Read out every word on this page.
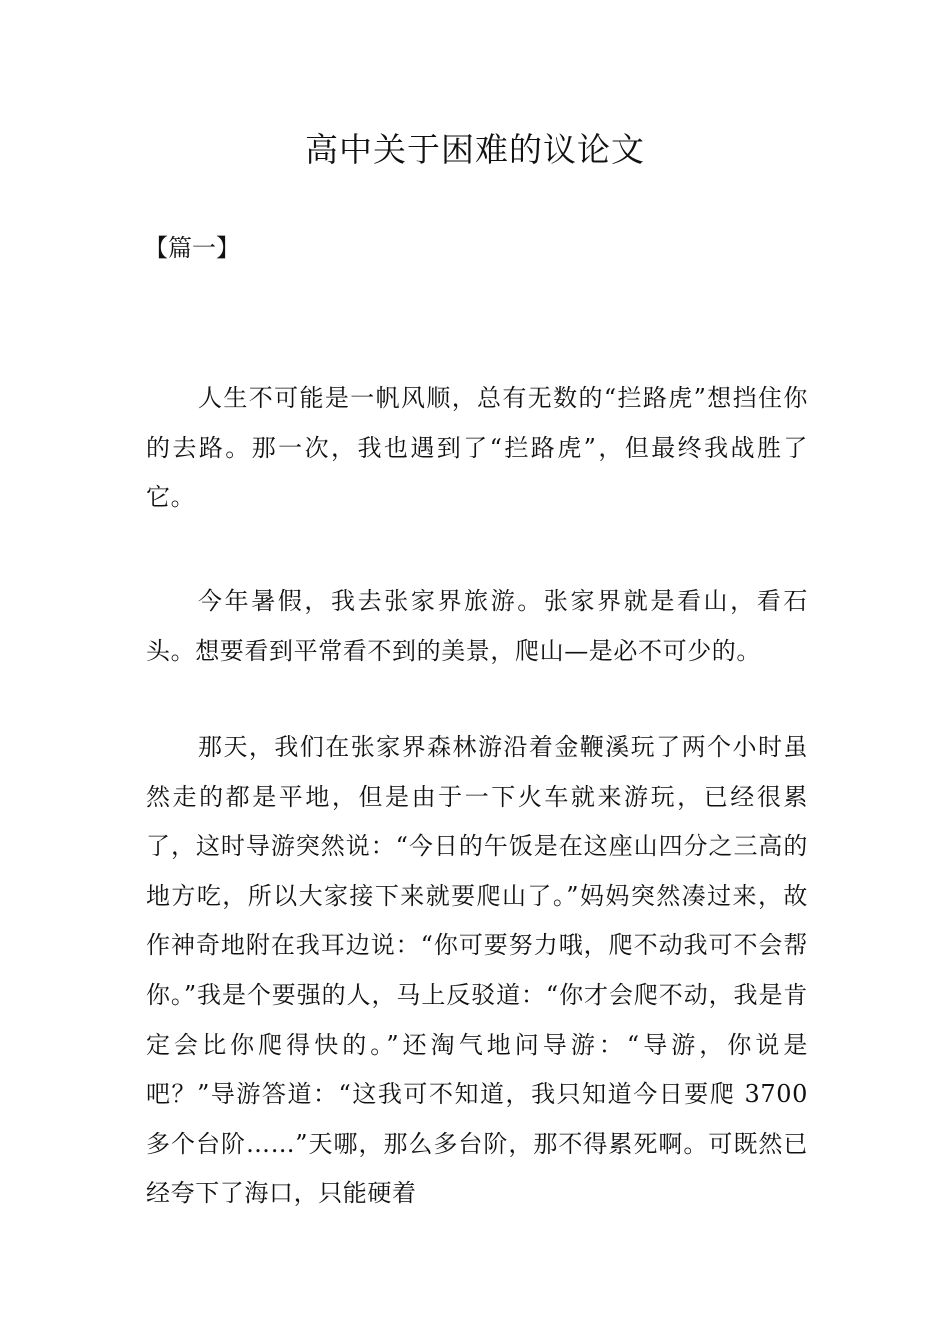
高中关于困难的议论文
【篇一】

人生不可能是一帆风顺，总有无数的“拦路虎”想挡住你的去路。那一次，我也遇到了“拦路虎”，但最终我战胜了它。

今年暑假，我去张家界旅游。张家界就是看山，看石头。想要看到平常看不到的美景，爬山—是必不可少的。

那天，我们在张家界森林游沿着金鞭溪玩了两个小时虽然走的都是平地，但是由于一下火车就来游玩，已经很累了，这时导游突然说：“今日的午饭是在这座山四分之三高的地方吃，所以大家接下来就要爬山了。”妈妈突然凑过来，故作神奇地附在我耳边说：“你可要努力哦，爬不动我可不会帮你。”我是个要强的人，马上反驳道：“你才会爬不动，我是肯定会比你爬得快的。”还淘气地问导游：“导游，你说是吧？”导游答道：“这我可不知道，我只知道今日要爬 3700 多个台阶……”天哪，那么多台阶，那不得累死啊。可既然已经夸下了海口，只能硬着
